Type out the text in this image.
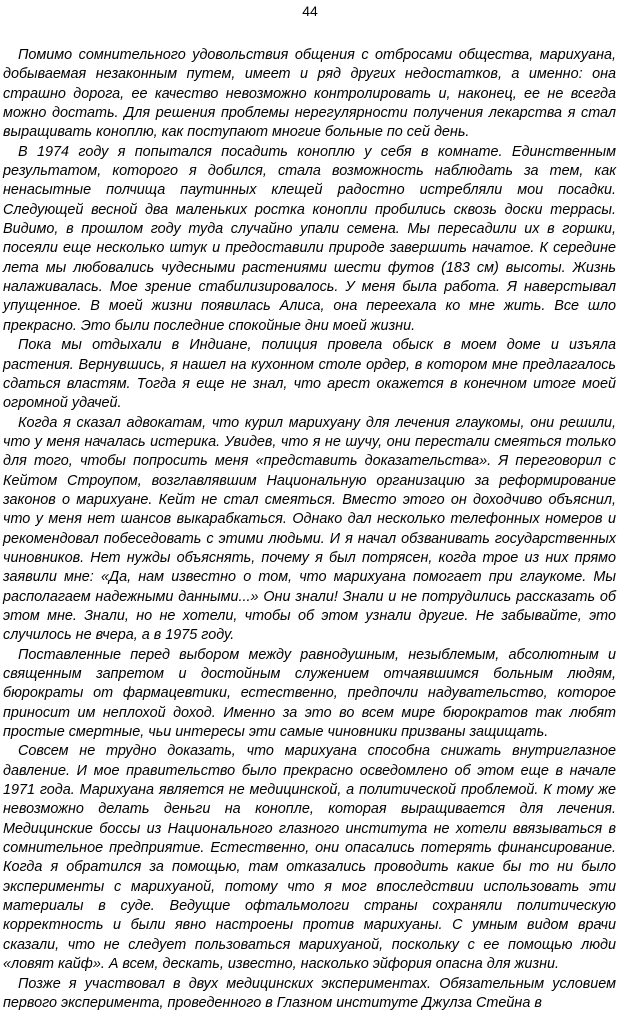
44

Помимо сомнительного удовольствия общения с отбросами общества, марихуана, добываемая незаконным путем, имеет и ряд других недостатков, а именно: она страшно дорога, ее качество невозможно контролировать и, наконец, ее не всегда можно достать. Для решения проблемы нерегулярности получения лекарства я стал выращивать коноплю, как поступают многие больные по сей день.

В 1974 году я попытался посадить коноплю у себя в комнате. Единственным результатом, которого я добился, стала возможность наблюдать за тем, как ненасытные полчища паутинных клещей радостно истребляли мои посадки. Следующей весной два маленьких ростка конопли пробились сквозь доски террасы. Видимо, в прошлом году туда случайно упали семена. Мы пересадили их в горшки, посеяли еще несколько штук и предоставили природе завершить начатое. К середине лета мы любовались чудесными растениями шести футов (183 см) высоты. Жизнь налаживалась. Мое зрение стабилизировалось. У меня была работа. Я наверстывал упущенное. В моей жизни появилась Алиса, она переехала ко мне жить. Все шло прекрасно. Это были последние спокойные дни моей жизни.

Пока мы отдыхали в Индиане, полиция провела обыск в моем доме и изъяла растения. Вернувшись, я нашел на кухонном столе ордер, в котором мне предлагалось сдаться властям. Тогда я еще не знал, что арест окажется в конечном итоге моей огромной удачей.

Когда я сказал адвокатам, что курил марихуану для лечения глаукомы, они решили, что у меня началась истерика. Увидев, что я не шучу, они перестали смеяться только для того, чтобы попросить меня «представить доказательства». Я переговорил с Кейтом Строупом, возглавлявшим Национальную организацию за реформирование законов о марихуане. Кейт не стал смеяться. Вместо этого он доходчиво объяснил, что у меня нет шансов выкарабкаться. Однако дал несколько телефонных номеров и рекомендовал побеседовать с этими людьми. И я начал обзванивать государственных чиновников. Нет нужды объяснять, почему я был потрясен, когда трое из них прямо заявили мне: «Да, нам известно о том, что марихуана помогает при глаукоме. Мы располагаем надежными данными...» Они знали! Знали и не потрудились рассказать об этом мне. Знали, но не хотели, чтобы об этом узнали другие. Не забывайте, это случилось не вчера, а в 1975 году.

Поставленные перед выбором между равнодушным, незыблемым, абсолютным и священным запретом и достойным служением отчаявшимся больным людям, бюрократы от фармацевтики, естественно, предпочли надувательство, которое приносит им неплохой доход. Именно за это во всем мире бюрократов так любят простые смертные, чьи интересы эти самые чиновники призваны защищать.

Совсем не трудно доказать, что марихуана способна снижать внутриглазное давление. И мое правительство было прекрасно осведомлено об этом еще в начале 1971 года. Марихуана является не медицинской, а политической проблемой. К тому же невозможно делать деньги на конопле, которая выращивается для лечения. Медицинские боссы из Национального глазного института не хотели ввязываться в сомнительное предприятие. Естественно, они опасались потерять финансирование. Когда я обратился за помощью, там отказались проводить какие бы то ни было эксперименты с марихуаной, потому что я мог впоследствии использовать эти материалы в суде. Ведущие офтальмологи страны сохраняли политическую корректность и были явно настроены против марихуаны. С умным видом врачи сказали, что не следует пользоваться марихуаной, поскольку с ее помощью люди «ловят кайф». А всем, дескать, известно, насколько эйфория опасна для жизни.

Позже я участвовал в двух медицинских экспериментах. Обязательным условием первого эксперимента, проведенного в Глазном институте Джулза Стейна в
